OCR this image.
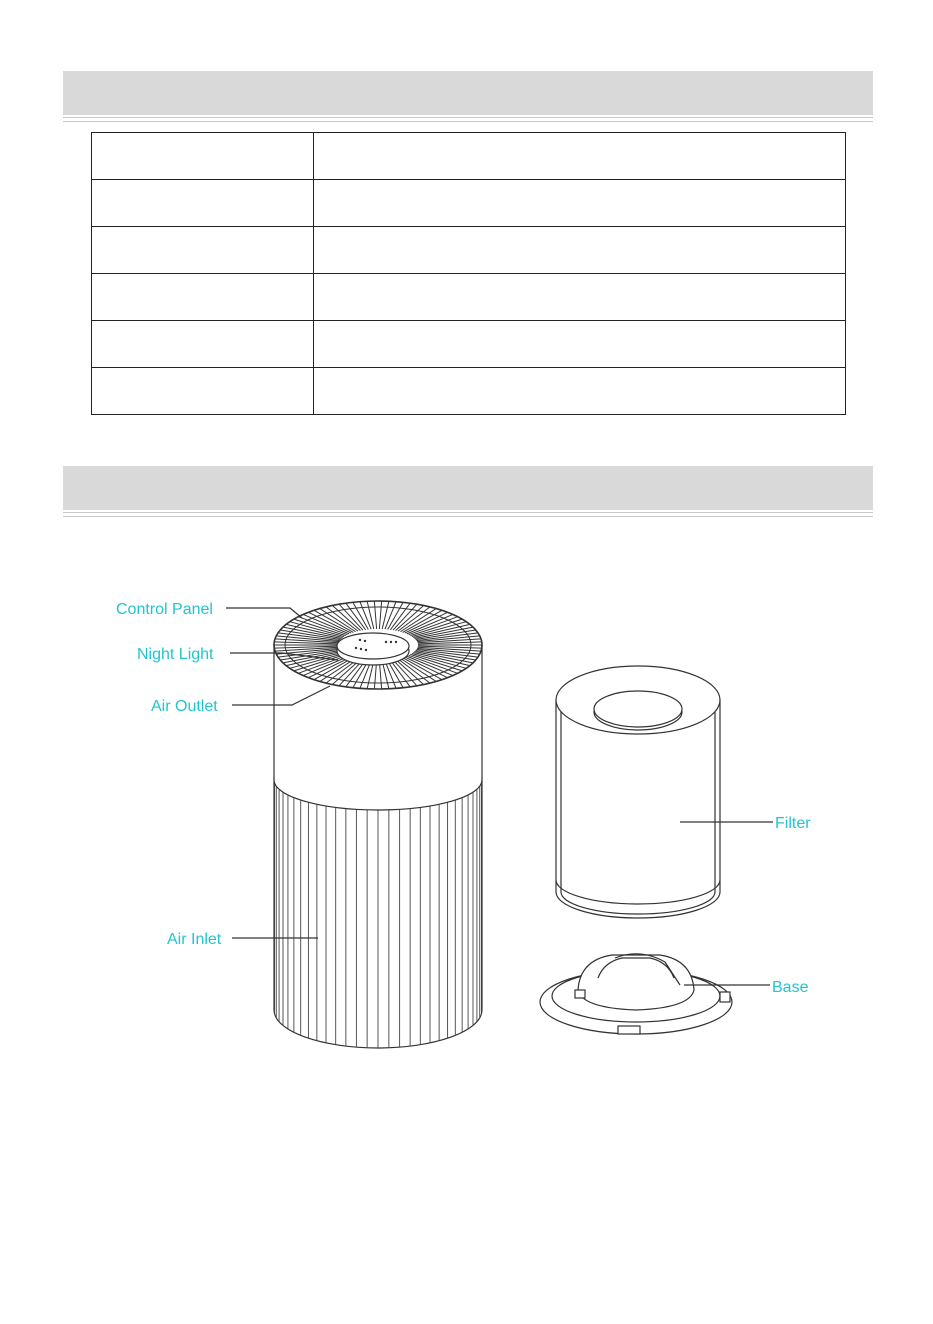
Control Panel
Night Light
Air Outlet
Air Inlet
Filter
Base
